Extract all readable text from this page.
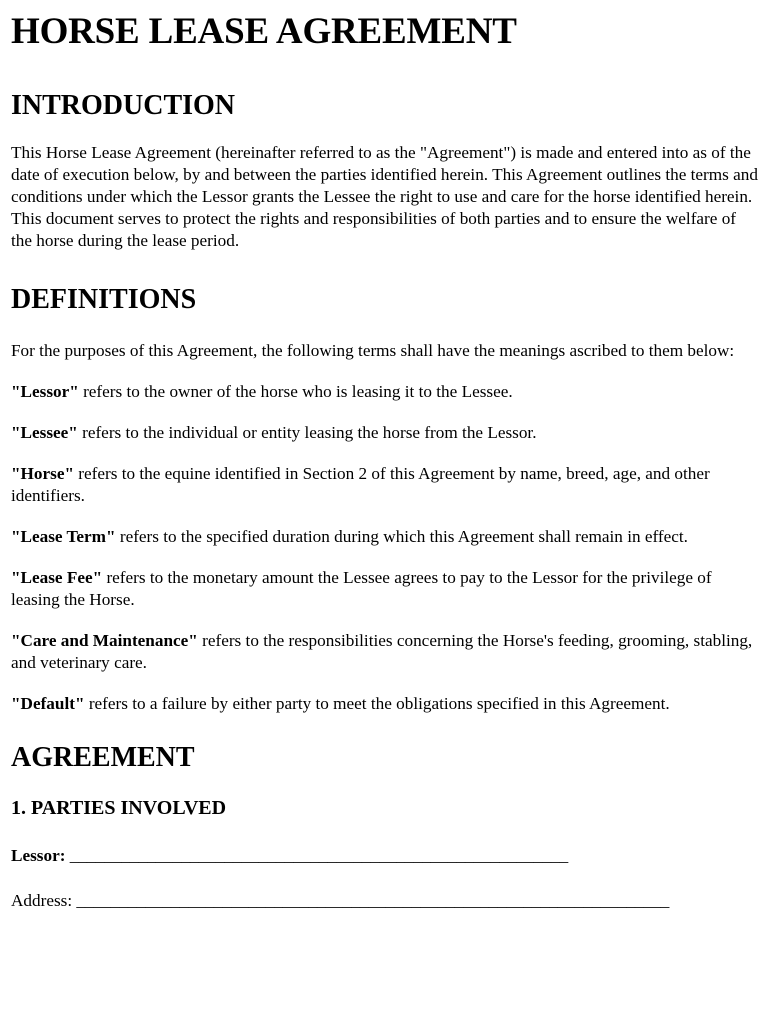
HORSE LEASE AGREEMENT
INTRODUCTION

This Horse Lease Agreement (hereinafter referred to as the "Agreement") is made and entered into as of the date of execution below, by and between the parties identified herein. This Agreement outlines the terms and conditions under which the Lessor grants the Lessee the right to use and care for the horse identified herein. This document serves to protect the rights and responsibilities of both parties and to ensure the welfare of the horse during the lease period.

DEFINITIONS

For the purposes of this Agreement, the following terms shall have the meanings ascribed to them below:

"Lessor" refers to the owner of the horse who is leasing it to the Lessee.

"Lessee" refers to the individual or entity leasing the horse from the Lessor.

"Horse" refers to the equine identified in Section 2 of this Agreement by name, breed, age, and other identifiers.

"Lease Term" refers to the specified duration during which this Agreement shall remain in effect.

"Lease Fee" refers to the monetary amount the Lessee agrees to pay to the Lessor for the privilege of leasing the Horse.

"Care and Maintenance" refers to the responsibilities concerning the Horse's feeding, grooming, stabling, and veterinary care.

"Default" refers to a failure by either party to meet the obligations specified in this Agreement.

AGREEMENT
1. PARTIES INVOLVED
Lessor: __________________________________________________________
Address: _____________________________________________________________________
